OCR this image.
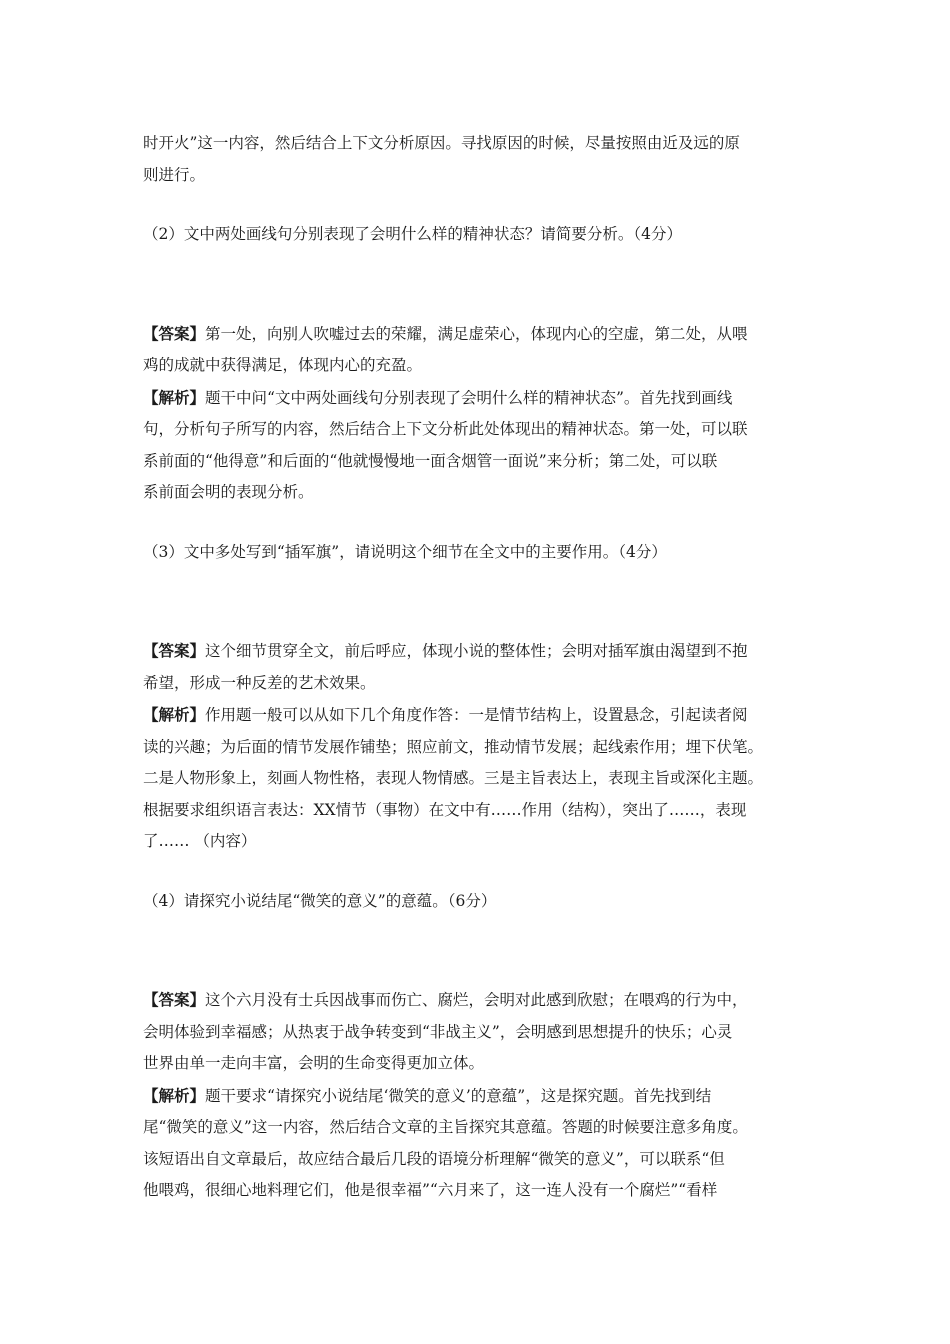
时开火”这一内容，然后结合上下文分析原因。寻找原因的时候，尽量按照由近及远的原

则进行。

（2）文中两处画线句分别表现了会明什么样的精神状态？请简要分析。（4分）

【答案】第一处，向别人吹嘘过去的荣耀，满足虚荣心，体现内心的空虚，第二处，从喂

鸡的成就中获得满足，体现内心的充盈。

【解析】题干中问“文中两处画线句分别表现了会明什么样的精神状态”。首先找到画线

句，分析句子所写的内容，然后结合上下文分析此处体现出的精神状态。第一处，可以联

系前面的“他得意”和后面的“他就慢慢地一面含烟管一面说”来分析；第二处，可以联

系前面会明的表现分析。

（3）文中多处写到“插军旗”，请说明这个细节在全文中的主要作用。（4分）

【答案】这个细节贯穿全文，前后呼应，体现小说的整体性；会明对插军旗由渴望到不抱

希望，形成一种反差的艺术效果。

【解析】作用题一般可以从如下几个角度作答：一是情节结构上，设置悬念，引起读者阅

读的兴趣；为后面的情节发展作铺垫；照应前文，推动情节发展；起线索作用；埋下伏笔。

二是人物形象上，刻画人物性格，表现人物情感。三是主旨表达上，表现主旨或深化主题。

根据要求组织语言表达：XX情节（事物）在文中有……作用（结构），突出了……，表现

了…… （内容）

（4）请探究小说结尾“微笑的意义”的意蕴。（6分）

【答案】这个六月没有士兵因战事而伤亡、腐烂，会明对此感到欣慰；在喂鸡的行为中，

会明体验到幸福感；从热衷于战争转变到“非战主义”，会明感到思想提升的快乐；心灵

世界由单一走向丰富，会明的生命变得更加立体。

【解析】题干要求“请探究小说结尾‘微笑的意义’的意蕴”，这是探究题。首先找到结

尾“微笑的意义”这一内容，然后结合文章的主旨探究其意蕴。答题的时候要注意多角度。

该短语出自文章最后，故应结合最后几段的语境分析理解“微笑的意义”，可以联系“但

他喂鸡，很细心地料理它们，他是很幸福”“六月来了，这一连人没有一个腐烂”“看样
